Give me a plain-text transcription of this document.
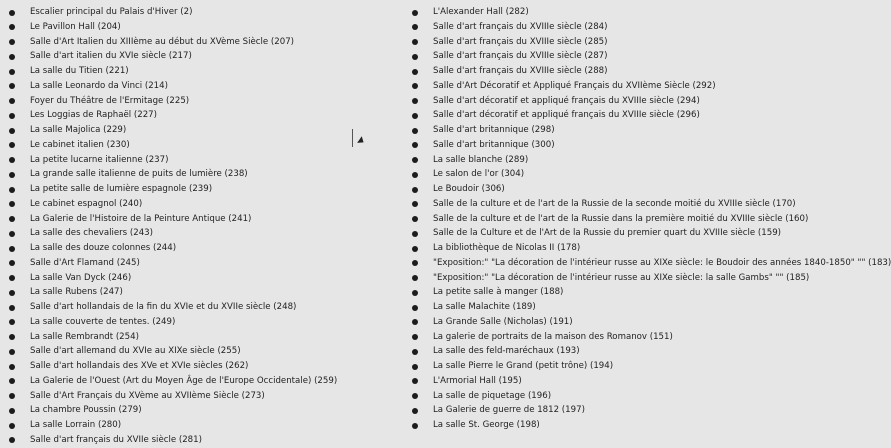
Escalier principal du Palais d'Hiver (2)
Le Pavillon Hall (204)
Salle d'Art Italien du XIIIème au début du XVème Siècle (207)
Salle d'art italien du XVIe siècle (217)
La salle du Titien (221)
La salle Leonardo da Vinci (214)
Foyer du Théâtre de l'Ermitage (225)
Les Loggias de Raphaël (227)
La salle Majolica (229)
Le cabinet italien (230)
La petite lucarne italienne (237)
La grande salle italienne de puits de lumière (238)
La petite salle de lumière espagnole (239)
Le cabinet espagnol (240)
La Galerie de l'Histoire de la Peinture Antique (241)
La salle des chevaliers (243)
La salle des douze colonnes (244)
Salle d'Art Flamand (245)
La salle Van Dyck (246)
La salle Rubens (247)
Salle d'art hollandais de la fin du XVIe et du XVIIe siècle (248)
La salle couverte de tentes. (249)
La salle Rembrandt (254)
Salle d'art allemand du XVIe au XIXe siècle (255)
Salle d'art hollandais des XVe et XVIe siècles (262)
La Galerie de l'Ouest (Art du Moyen Âge de l'Europe Occidentale) (259)
Salle d'Art Français du XVème au XVIIème Siècle (273)
La chambre Poussin (279)
La salle Lorrain (280)
Salle d'art français du XVIIe siècle (281)
L'Alexander Hall (282)
Salle d'art français du XVIIIe siècle (284)
Salle d'art français du XVIIIe siècle (285)
Salle d'art français du XVIIIe siècle (287)
Salle d'art français du XVIIIe siècle (288)
Salle d'Art Décoratif et Appliqué Français du XVIIème Siècle (292)
Salle d'art décoratif et appliqué français du XVIIIe siècle (294)
Salle d'art décoratif et appliqué français du XVIIIe siècle (296)
Salle d'art britannique (298)
Salle d'art britannique (300)
La salle blanche (289)
Le salon de l'or (304)
Le Boudoir (306)
Salle de la culture et de l'art de la Russie de la seconde moitié du XVIIIe siècle (170)
Salle de la culture et de l'art de la Russie dans la première moitié du XVIIIe siècle (160)
Salle de la Culture et de l'Art de la Russie du premier quart du XVIIIe siècle (159)
La bibliothèque de Nicolas II (178)
"Exposition:" "La décoration de l'intérieur russe au XIXe siècle: le Boudoir des années 1840-1850" "" (183)
"Exposition:" "La décoration de l'intérieur russe au XIXe siècle: la salle Gambs" "" (185)
La petite salle à manger (188)
La salle Malachite (189)
La Grande Salle (Nicholas) (191)
La galerie de portraits de la maison des Romanov (151)
La salle des feld-maréchaux (193)
La salle Pierre le Grand (petit trône) (194)
L'Armorial Hall (195)
La salle de piquetage (196)
La Galerie de guerre de 1812 (197)
La salle St. George (198)
